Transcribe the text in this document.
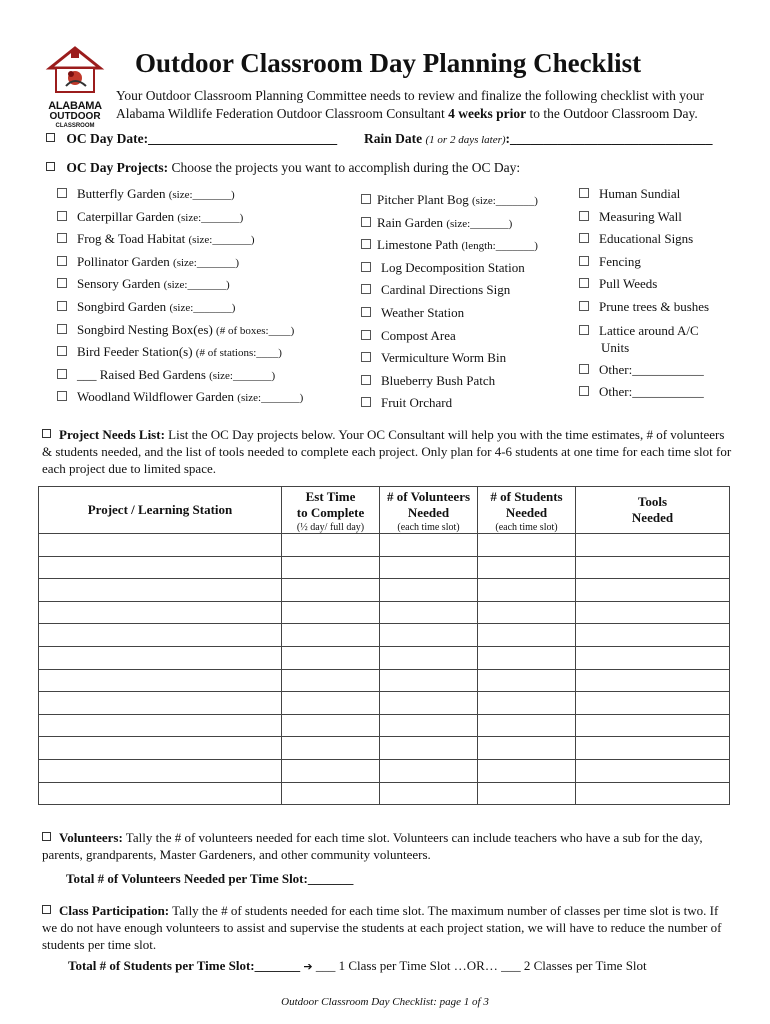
ALABAMA
OUTDOOR
CLASSROOM
Outdoor Classroom Day Planning Checklist
Your Outdoor Classroom Planning Committee needs to review and finalize the following checklist with your Alabama Wildlife Federation Outdoor Classroom Consultant 4 weeks prior to the Outdoor Classroom Day.
OC Day Date:____________________________ Rain Date (1 or 2 days later):______________________________
OC Day Projects: Choose the projects you want to accomplish during the OC Day:
Butterfly Garden (size:_______)
Caterpillar Garden (size:_______)
Frog & Toad Habitat (size:_______)
Pollinator Garden (size:_______)
Sensory Garden (size:_______)
Songbird Garden (size:_______)
Songbird Nesting Box(es) (# of boxes:____)
Bird Feeder Station(s) (# of stations:____)
___ Raised Bed Gardens (size:_______)
Woodland Wildflower Garden (size:_______)
Pitcher Plant Bog (size:_______)
Rain Garden (size:_______)
Limestone Path (length:_______)
Log Decomposition Station
Cardinal Directions Sign
Weather Station
Compost Area
Vermiculture Worm Bin
Blueberry Bush Patch
Fruit Orchard
Human Sundial
Measuring Wall
Educational Signs
Fencing
Pull Weeds
Prune trees & bushes
Lattice around A/C
Units
Other:___________
Other:___________
Project Needs List: List the OC Day projects below. Your OC Consultant will help you with the time estimates, # of volunteers & students needed, and the list of tools needed to complete each project. Only plan for 4-6 students at one time for each time slot for each project due to limited space.
Project / Learning Station	Est Time
to Complete
(½ day/ full day)	# of Volunteers
Needed
(each time slot)	# of Students
Needed
(each time slot)	Tools
Needed

Volunteers: Tally the # of volunteers needed for each time slot. Volunteers can include teachers who have a sub for the day, parents, grandparents, Master Gardeners, and other community volunteers.
Total # of Volunteers Needed per Time Slot:_______
Class Participation: Tally the # of students needed for each time slot. The maximum number of classes per time slot is two. If we do not have enough volunteers to assist and supervise the students at each project station, we will have to reduce the number of students per time slot.
Total # of Students per Time Slot:_______ ➔ ___ 1 Class per Time Slot …OR… ___ 2 Classes per Time Slot
Outdoor Classroom Day Checklist: page 1 of 3
